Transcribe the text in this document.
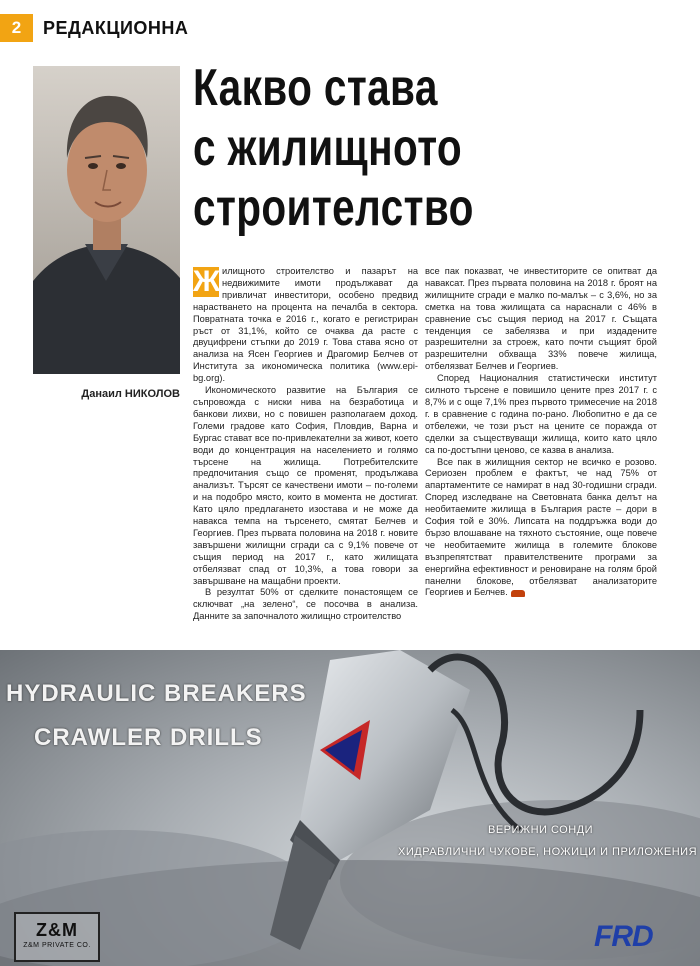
2	РЕДАКЦИОННА
Данаил НИКОЛОВ
Какво става
с жилищното
строителство

Ж илищното строителство и пазарът на недвижимите имоти продължават да привличат инвеститори, особено предвид нарастването на процента на печалба в сектора. Повратната точка е 2016 г., когато е регистриран ръст от 31,1%, който се очаква да расте с двуцифрени стъпки до 2019 г. Това става ясно от анализа на Ясен Георгиев и Драгомир Белчев от Института за икономическа политика (www.epi-bg.org).

Икономическото развитие на България се съпровожда с ниски нива на безработица и банкови лихви, но с повишен разполагаем доход. Големи градове като София, Пловдив, Варна и Бургас стават все по-привлекателни за живот, което води до концентрация на населението и голямо търсене на жилища. Потребителските предпочитания също се променят, продължава анализът. Търсят се качествени имоти – по-големи и на подобро място, които в момента не достигат. Като цяло предлагането изостава и не може да навакса темпа на търсенето, смятат Белчев и Георгиев. През първата половина на 2018 г. новите завършени жилищни сгради са с 9,1% повече от същия период на 2017 г., като жилищата отбелязват спад от 10,3%, а това говори за завършване на мащабни проекти.

В резултат 50% от сделките понастоящем се сключват „на зелено“, се посочва в анализа. Данните за започналото жилищно строителство

все пак показват, че инвеститорите се опитват да наваксат. През първата половина на 2018 г. броят на жилищните сгради е малко по-малък – с 3,6%, но за сметка на това жилищата са нараснали с 46% в сравнение със същия период на 2017 г. Същата тенденция се забелязва и при издадените разрешителни за строеж, като почти същият брой разрешителни обхваща 33% повече жилища, отбелязват Белчев и Георгиев.

Според Националния статистически институт силното търсене е повишило цените през 2017 г. с 8,7% и с още 7,1% през първото тримесечие на 2018 г. в сравнение с година по-рано. Любопитно е да се отбележи, че този ръст на цените се поражда от сделки за съществуващи жилища, които като цяло са по-достъпни ценово, се казва в анализа.

Все пак в жилищния сектор не всичко е розово. Сериозен проблем е фактът, че над 75% от апартаментите се намират в над 30-годишни сгради. Според изследване на Световната банка делът на необитаемите жилища в България расте – дори в София той е 30%. Липсата на поддръжка води до бързо влошаване на тяхното състояние, още повече че необитаемите жилища в големите блокове възпрепятстват правителствените програми за енергийна ефективност и реновиране на голям брой панелни блокове, отбелязват анализаторите Георгиев и Белчев.

HYDRAULIC BREAKERS
CRAWLER DRILLS
ВЕРИЖНИ СОНДИ
ХИДРАВЛИЧНИ ЧУКОВЕ, НОЖИЦИ И ПРИЛОЖЕНИЯ
Z&M
Z&M PRIVATE CO.	FRD
